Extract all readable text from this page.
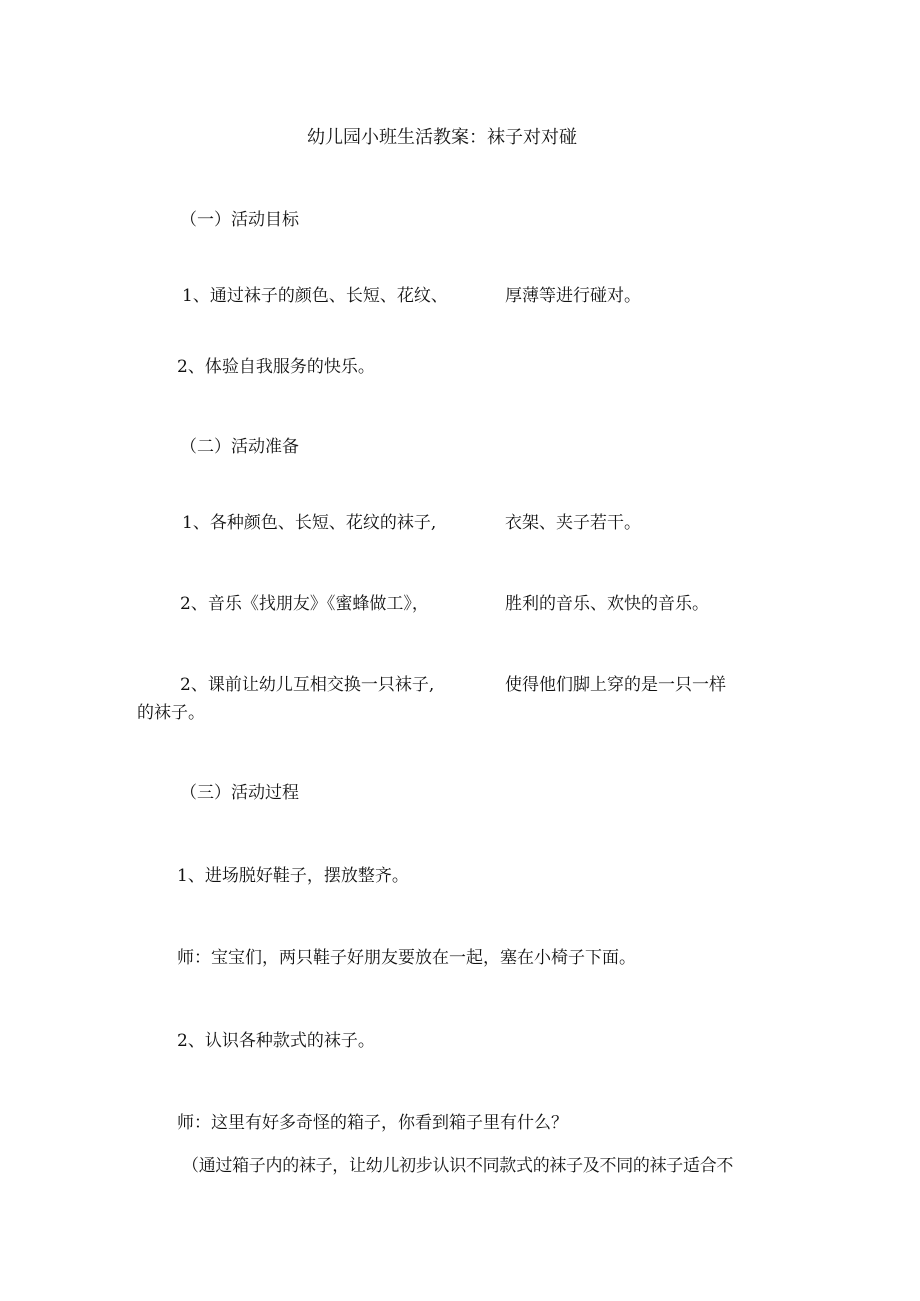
幼儿园小班生活教案：袜子对对碰
（一）活动目标
1、通过袜子的颜色、长短、花纹、	厚薄等进行碰对。
2、体验自我服务的快乐。
（二）活动准备
1、各种颜色、长短、花纹的袜子,	衣架、夹子若干。
2、音乐《找朋友》《蜜蜂做工》，	胜利的音乐、欢快的音乐。
2、课前让幼儿互相交换一只袜子,	使得他们脚上穿的是一只一样
的袜子。
（三）活动过程
1、进场脱好鞋子，摆放整齐。
师：宝宝们，两只鞋子好朋友要放在一起，塞在小椅子下面。
2、认识各种款式的袜子。
师：这里有好多奇怪的箱子，你看到箱子里有什么？
（通过箱子内的袜子，让幼儿初步认识不同款式的袜子及不同的袜子适合不
